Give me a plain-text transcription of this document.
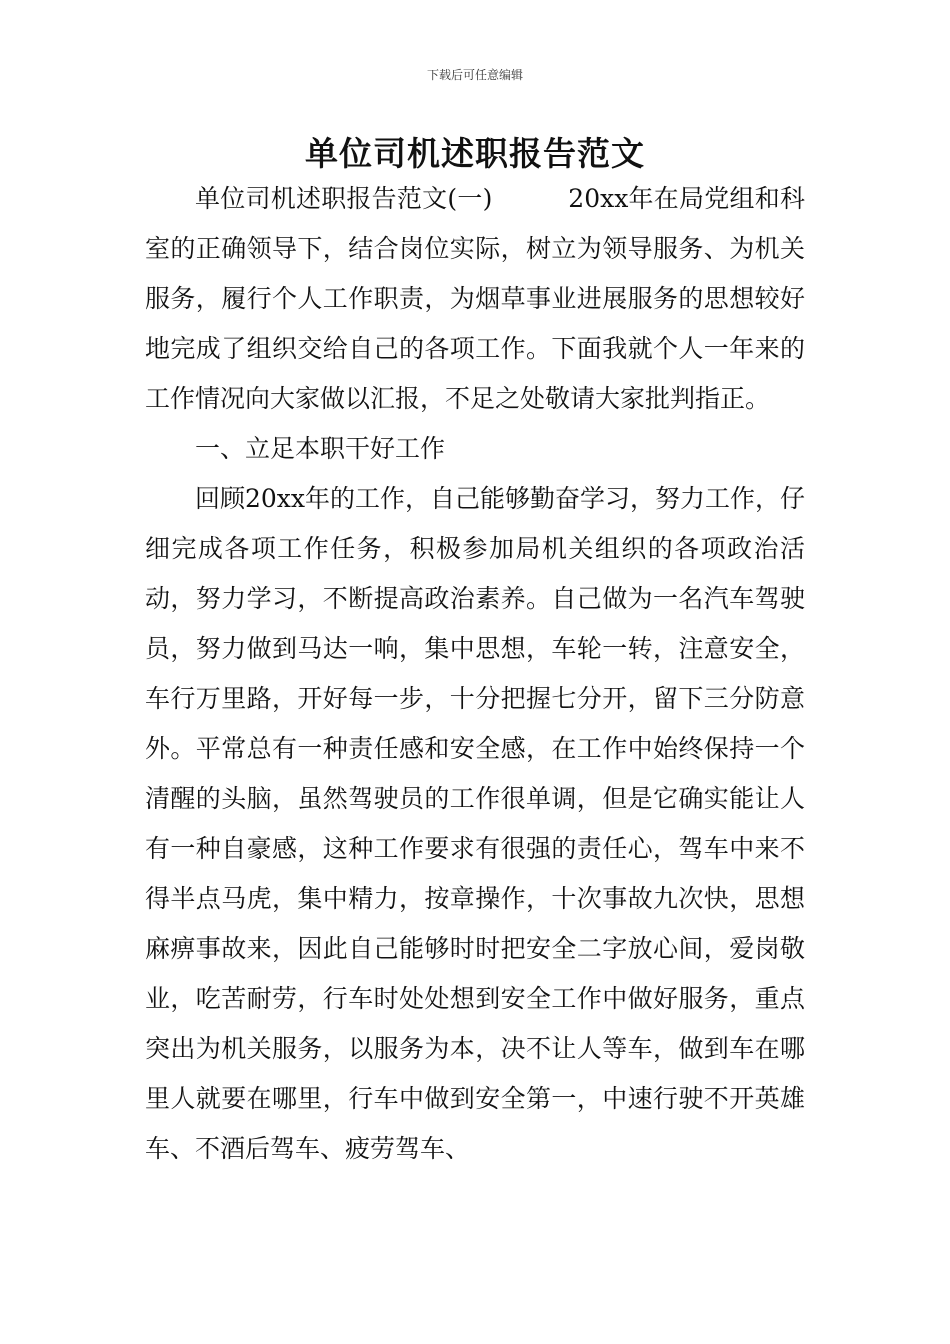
下载后可任意编辑
单位司机述职报告范文

单位司机述职报告范文(一)　　　20xx年在局党组和科室的正确领导下，结合岗位实际，树立为领导服务、为机关服务，履行个人工作职责，为烟草事业进展服务的思想较好地完成了组织交给自己的各项工作。下面我就个人一年来的工作情况向大家做以汇报，不足之处敬请大家批判指正。

一、立足本职干好工作

回顾20xx年的工作，自己能够勤奋学习，努力工作，仔细完成各项工作任务，积极参加局机关组织的各项政治活动，努力学习，不断提高政治素养。自己做为一名汽车驾驶员，努力做到马达一响，集中思想，车轮一转，注意安全，车行万里路，开好每一步，十分把握七分开，留下三分防意外。平常总有一种责任感和安全感，在工作中始终保持一个清醒的头脑，虽然驾驶员的工作很单调，但是它确实能让人有一种自豪感，这种工作要求有很强的责任心，驾车中来不得半点马虎，集中精力，按章操作，十次事故九次快，思想麻痹事故来，因此自己能够时时把安全二字放心间，爱岗敬业，吃苦耐劳，行车时处处想到安全工作中做好服务，重点突出为机关服务，以服务为本，决不让人等车，做到车在哪里人就要在哪里，行车中做到安全第一，中速行驶不开英雄车、不酒后驾车、疲劳驾车、
